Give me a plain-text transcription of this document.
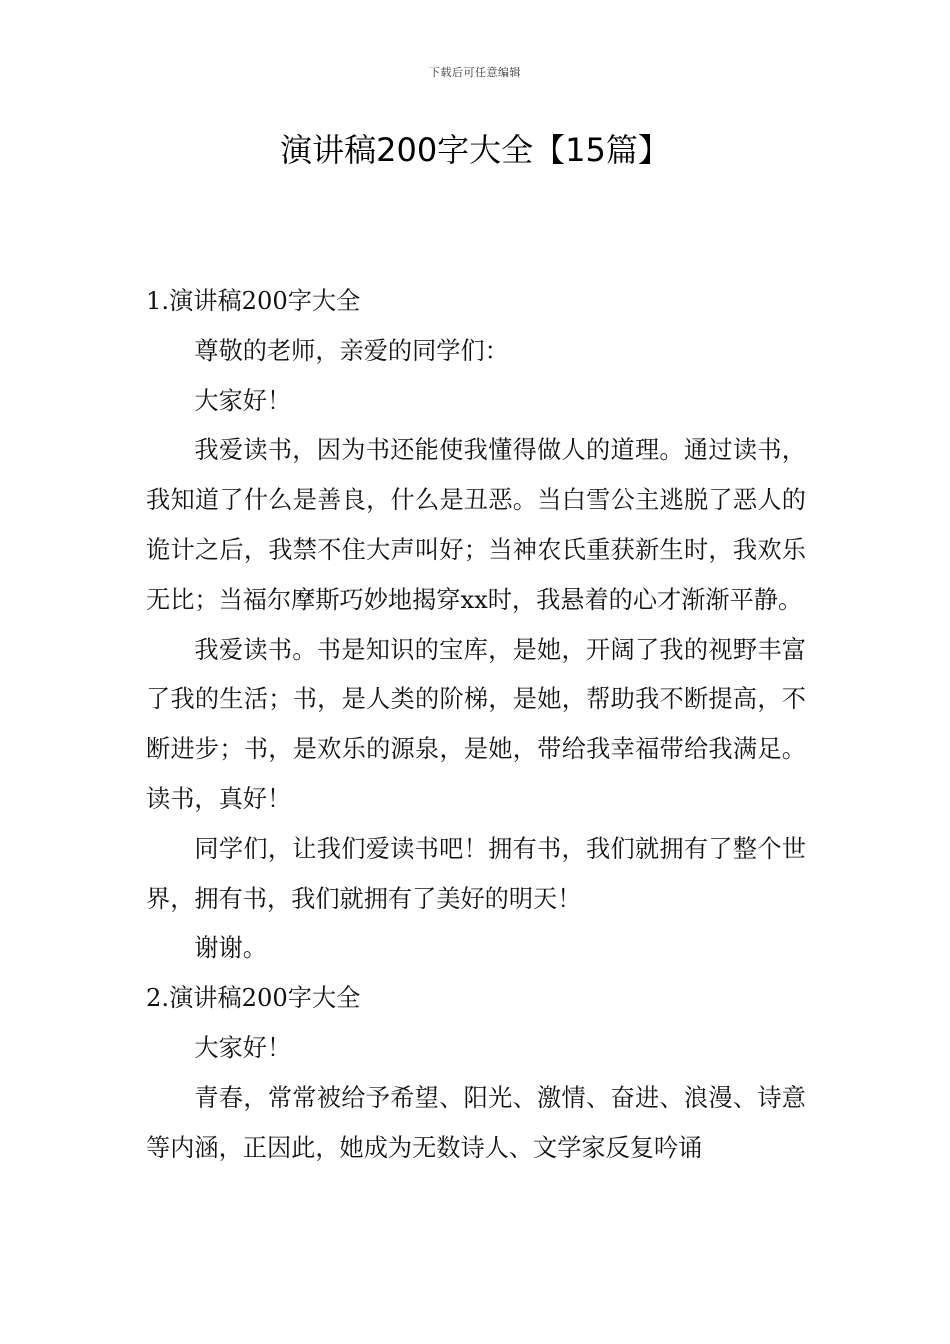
下载后可任意编辑
演讲稿200字大全【15篇】
1.演讲稿200字大全

尊敬的老师，亲爱的同学们：

大家好！

我爱读书，因为书还能使我懂得做人的道理。通过读书，我知道了什么是善良，什么是丑恶。当白雪公主逃脱了恶人的诡计之后，我禁不住大声叫好；当神农氏重获新生时，我欢乐无比；当福尔摩斯巧妙地揭穿xx时，我悬着的心才渐渐平静。

我爱读书。书是知识的宝库，是她，开阔了我的视野丰富了我的生活；书，是人类的阶梯，是她，帮助我不断提高，不断进步；书，是欢乐的源泉，是她，带给我幸福带给我满足。读书，真好！

同学们，让我们爱读书吧！拥有书，我们就拥有了整个世界，拥有书，我们就拥有了美好的明天！

谢谢。

2.演讲稿200字大全

大家好！

青春，常常被给予希望、阳光、激情、奋进、浪漫、诗意等内涵，正因此，她成为无数诗人、文学家反复吟诵
